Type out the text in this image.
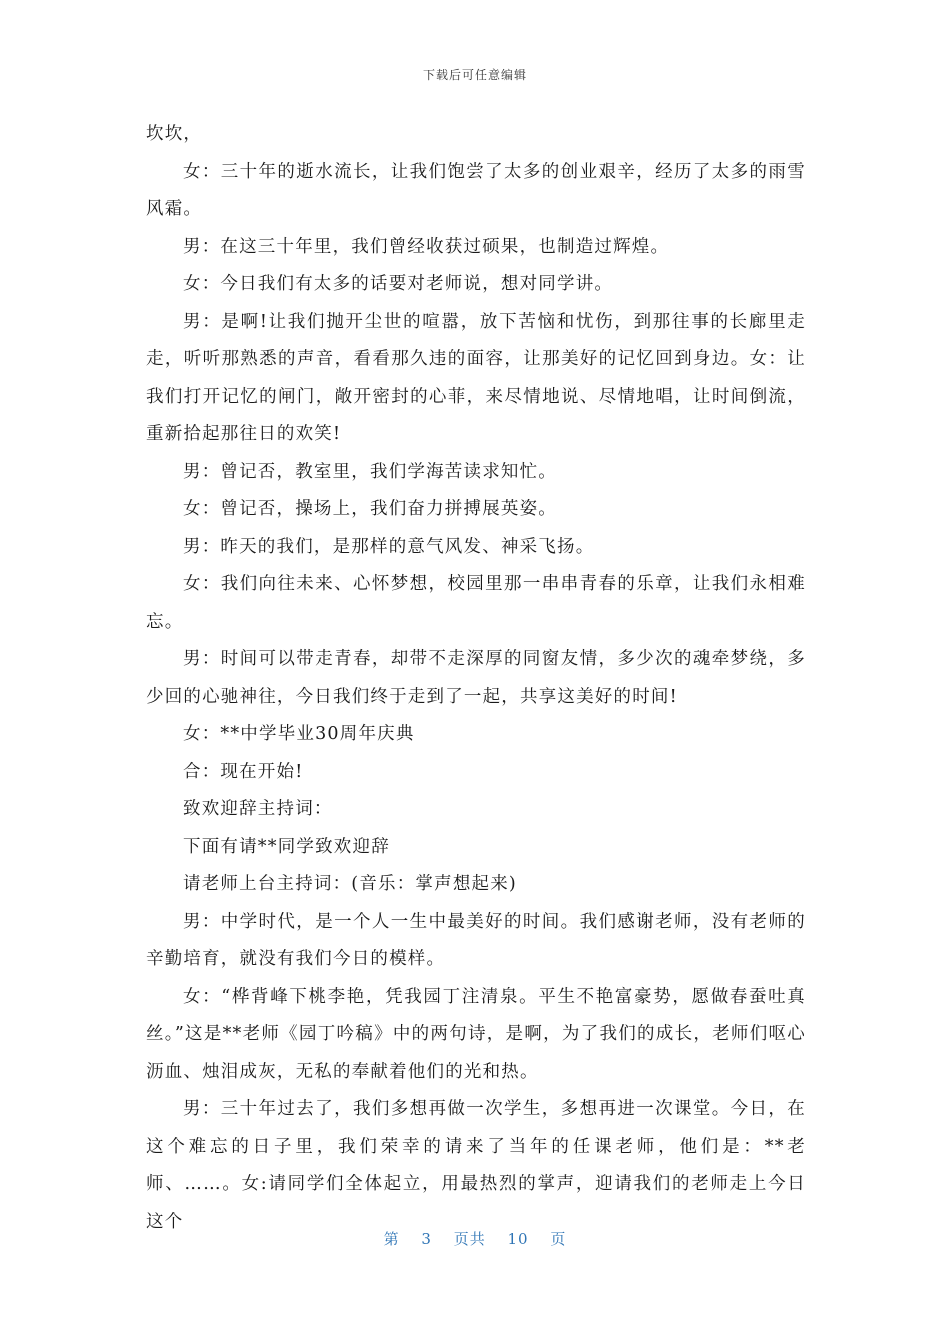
下载后可任意编辑

坎坎，

女：三十年的逝水流长，让我们饱尝了太多的创业艰辛，经历了太多的雨雪风霜。

男：在这三十年里，我们曾经收获过硕果，也制造过辉煌。

女：今日我们有太多的话要对老师说，想对同学讲。

男：是啊!让我们抛开尘世的喧嚣，放下苦恼和忧伤，到那往事的长廊里走走，听听那熟悉的声音，看看那久违的面容，让那美好的记忆回到身边。女：让我们打开记忆的闸门，敞开密封的心菲，来尽情地说、尽情地唱，让时间倒流，重新拾起那往日的欢笑!

男：曾记否，教室里，我们学海苦读求知忙。

女：曾记否，操场上，我们奋力拼搏展英姿。

男：昨天的我们，是那样的意气风发、神采飞扬。

女：我们向往未来、心怀梦想，校园里那一串串青春的乐章，让我们永相难忘。

男：时间可以带走青春，却带不走深厚的同窗友情，多少次的魂牵梦绕，多少回的心驰神往，今日我们终于走到了一起，共享这美好的时间!

女：**中学毕业30周年庆典

合：现在开始!

致欢迎辞主持词：

下面有请**同学致欢迎辞

请老师上台主持词：(音乐：掌声想起来)

男：中学时代，是一个人一生中最美好的时间。我们感谢老师，没有老师的辛勤培育，就没有我们今日的模样。

女：“桦背峰下桃李艳，凭我园丁注清泉。平生不艳富豪势，愿做春蚕吐真丝。”这是**老师《园丁吟稿》中的两句诗，是啊，为了我们的成长，老师们呕心沥血、烛泪成灰，无私的奉献着他们的光和热。

男：三十年过去了，我们多想再做一次学生，多想再进一次课堂。今日，在这个难忘的日子里，我们荣幸的请来了当年的任课老师，他们是：**老师、……。女:请同学们全体起立，用最热烈的掌声，迎请我们的老师走上今日这个

第 3 页共 10 页
